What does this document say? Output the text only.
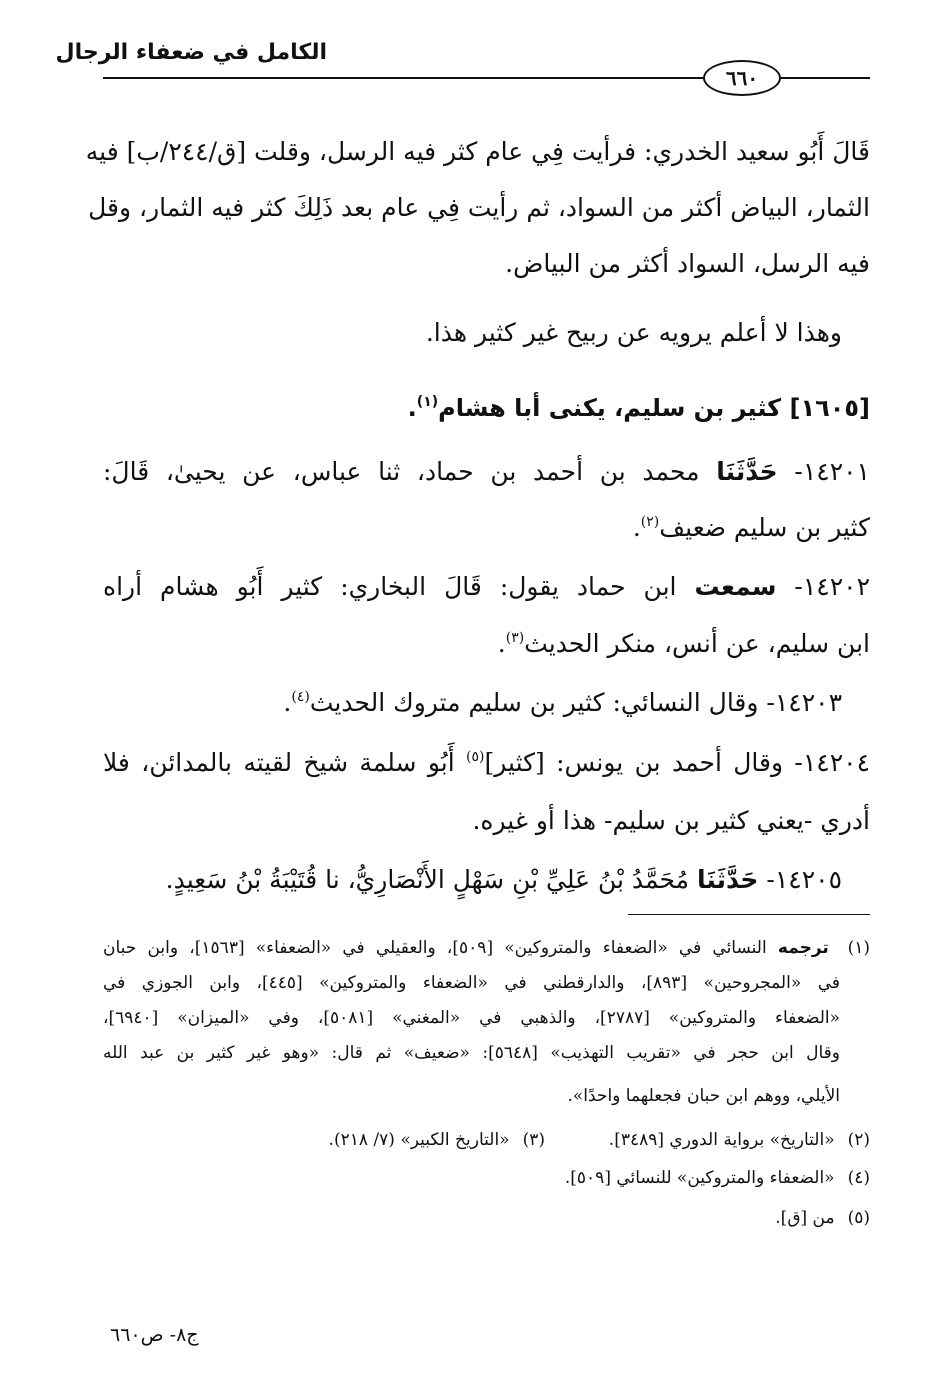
الكامل في ضعفاء الرجال
٦٦٠
قَالَ أَبُو سعيد الخدري: فرأيت فِي عام كثر فيه الرسل، وقلت [ق/٢٤٤/ب] فيه
الثمار، البياض أكثر من السواد، ثم رأيت فِي عام بعد ذَلِكَ كثر فيه الثمار، وقل
فيه الرسل، السواد أكثر من البياض.
وهذا لا أعلم يرويه عن ربيح غير كثير هذا.
[١٦٠٥] كثير بن سليم، يكنى أبا هشام$^{(١)}$.
١٤٢٠١- حَدَّثَنَا محمد بن أحمد بن حماد، ثنا عباس، عن يحيىٰ، قَالَ:
كثير بن سليم ضعيف$^{(٢)}$.
١٤٢٠٢- سمعت ابن حماد يقول: قَالَ البخاري: كثير أَبُو هشام أراه
ابن سليم، عن أنس، منكر الحديث$^{(٣)}$.
١٤٢٠٣- وقال النسائي: كثير بن سليم متروك الحديث$^{(٤)}$.
١٤٢٠٤- وقال أحمد بن يونس: [كثير]$^{(٥)}$ أَبُو سلمة شيخ لقيته بالمدائن، فلا
أدري -يعني كثير بن سليم- هذا أو غيره.
١٤٢٠٥- حَدَّثَنَا مُحَمَّدُ بْنُ عَلِيِّ بْنِ سَهْلٍ الأَنْصَارِيُّ، نا قُتَيْبَةُ بْنُ سَعِيدٍ.
(١) ترجمه النسائي في «الضعفاء والمتروكين» [٥٠٩]، والعقيلي في «الضعفاء» [١٥٦٣]، وابن حبان
في «المجروحين» [٨٩٣]، والدارقطني في «الضعفاء والمتروكين» [٤٤٥]، وابن الجوزي في
«الضعفاء والمتروكين» [٢٧٨٧]، والذهبي في «المغني» [٥٠٨١]، وفي «الميزان» [٦٩٤٠]،
وقال ابن حجر في «تقريب التهذيب» [٥٦٤٨]: «ضعيف» ثم قال: «وهو غير كثير بن عبد الله
الأيلي، ووهم ابن حبان فجعلهما واحدًا».
(٢) «التاريخ» برواية الدوري [٣٤٨٩].
(٣) «التاريخ الكبير» (٧/ ٢١٨).
(٤) «الضعفاء والمتروكين» للنسائي [٥٠٩].
(٥) من [ق].
ج٨- ص٦٦٠
